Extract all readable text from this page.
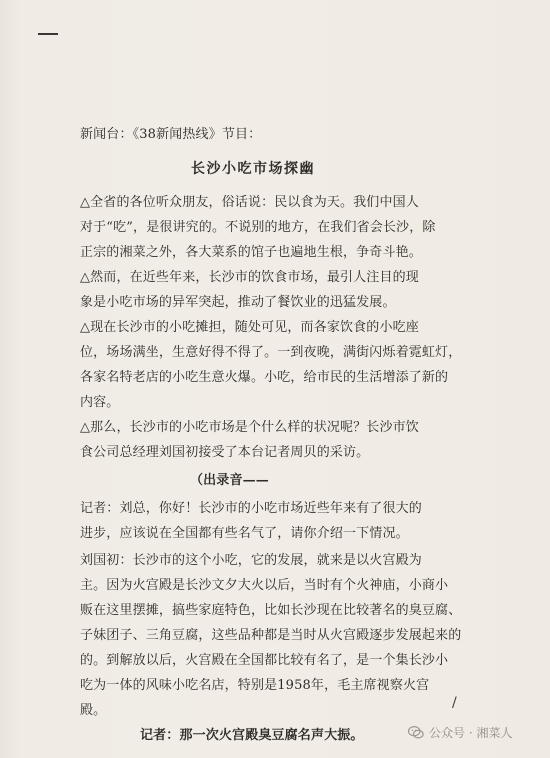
新闻台：《38新闻热线》节目：
长沙小吃市场探幽
△全省的各位听众朋友，俗话说：民以食为天。我们中国人
对于“吃”，是很讲究的。不说别的地方，在我们省会长沙，除
正宗的湘菜之外，各大菜系的馆子也遍地生根，争奇斗艳。
△然而，在近些年来，长沙市的饮食市场，最引人注目的现
象是小吃市场的异军突起，推动了餐饮业的迅猛发展。
△现在长沙市的小吃摊担，随处可见，而各家饮食的小吃座
位，场场满坐，生意好得不得了。一到夜晚，满街闪烁着霓虹灯，
各家名特老店的小吃生意火爆。小吃，给市民的生活增添了新的
内容。
△那么，长沙市的小吃市场是个什么样的状况呢？长沙市饮
食公司总经理刘国初接受了本台记者周贝的采访。
（出录音——
记者：刘总，你好！长沙市的小吃市场近些年来有了很大的
进步，应该说在全国都有些名气了，请你介绍一下情况。
刘国初：长沙市的这个小吃，它的发展，就来是以火宫殿为
主。因为火宫殿是长沙文夕大火以后，当时有个火神庙，小商小
贩在这里摆摊，搞些家庭特色，比如长沙现在比较著名的臭豆腐、
子妹团子、三角豆腐，这些品种都是当时从火宫殿逐步发展起来的
的。到解放以后，火宫殿在全国都比较有名了，是一个集长沙小
吃为一体的风味小吃名店，特别是1958年，毛主席视察火宫
殿。
记者：那一次火宫殿臭豆腐名声大振。
/
公众号 · 湘菜人
